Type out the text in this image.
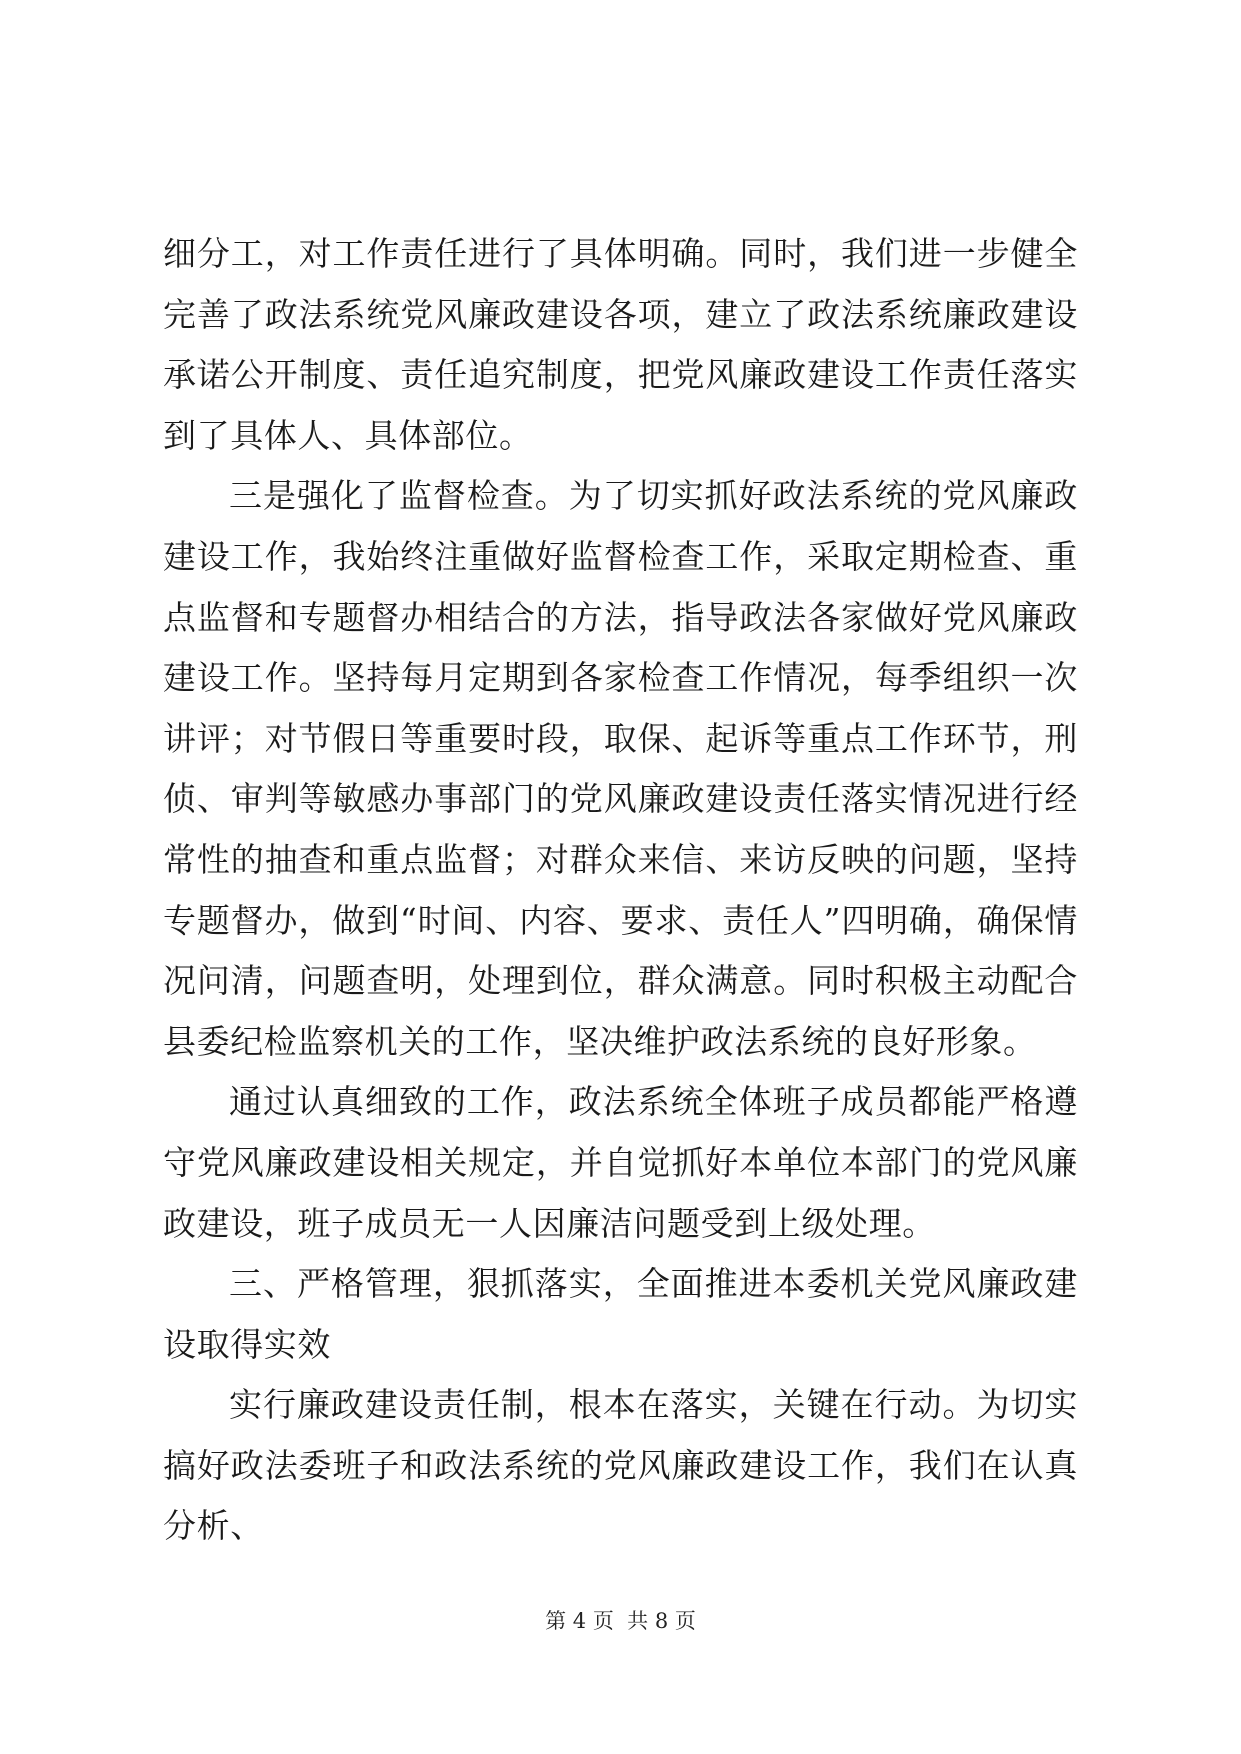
细分工，对工作责任进行了具体明确。同时，我们进一步健全完善了政法系统党风廉政建设各项，建立了政法系统廉政建设承诺公开制度、责任追究制度，把党风廉政建设工作责任落实到了具体人、具体部位。

三是强化了监督检查。为了切实抓好政法系统的党风廉政建设工作，我始终注重做好监督检查工作，采取定期检查、重点监督和专题督办相结合的方法，指导政法各家做好党风廉政建设工作。坚持每月定期到各家检查工作情况，每季组织一次讲评；对节假日等重要时段，取保、起诉等重点工作环节，刑侦、审判等敏感办事部门的党风廉政建设责任落实情况进行经常性的抽查和重点监督；对群众来信、来访反映的问题，坚持专题督办，做到“时间、内容、要求、责任人”四明确，确保情况问清，问题查明，处理到位，群众满意。同时积极主动配合县委纪检监察机关的工作，坚决维护政法系统的良好形象。

通过认真细致的工作，政法系统全体班子成员都能严格遵守党风廉政建设相关规定，并自觉抓好本单位本部门的党风廉政建设，班子成员无一人因廉洁问题受到上级处理。

三、严格管理，狠抓落实，全面推进本委机关党风廉政建设取得实效

实行廉政建设责任制，根本在落实，关键在行动。为切实搞好政法委班子和政法系统的党风廉政建设工作，我们在认真分析、

第 4 页  共 8 页
